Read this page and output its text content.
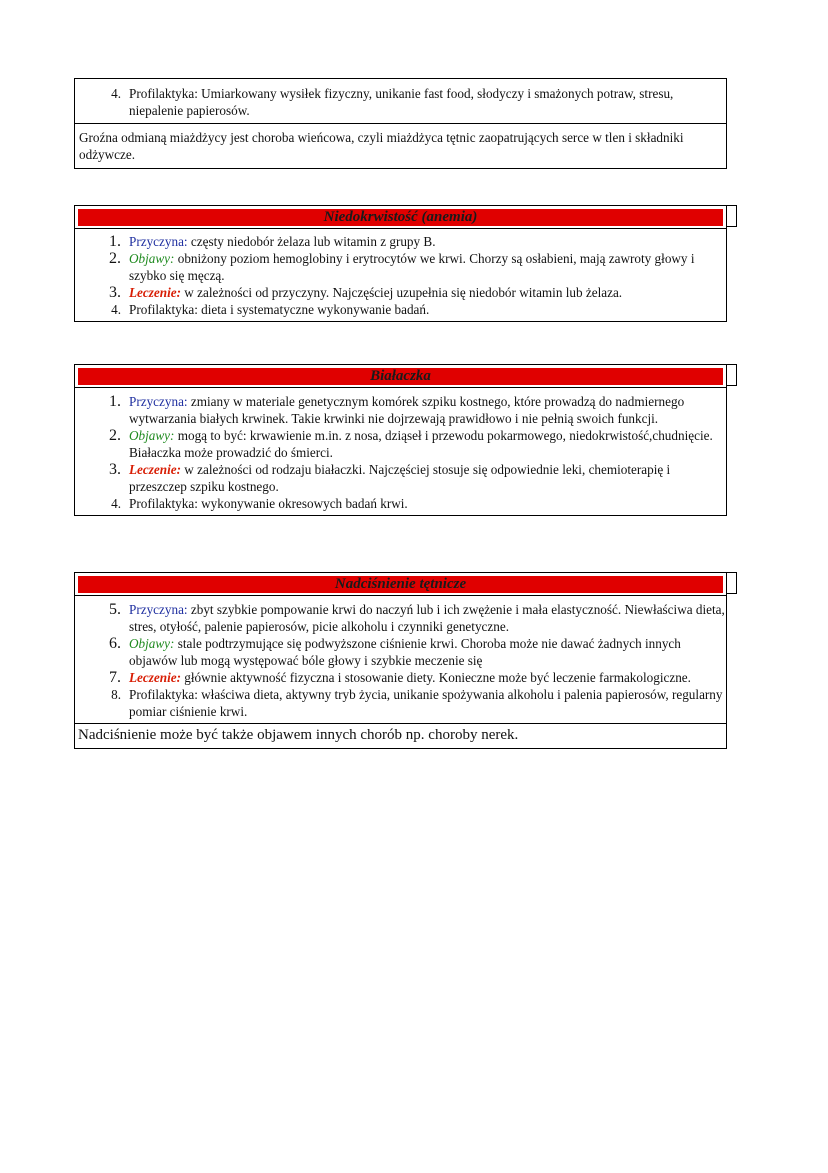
4. Profilaktyka: Umiarkowany wysiłek fizyczny, unikanie fast food, słodyczy i smażonych potraw, stresu, niepalenie papierosów.
Groźna odmianą miażdżycy jest choroba wieńcowa, czyli miażdżyca tętnic zaopatrujących serce w tlen i składniki odżywcze.
Niedokrwistość (anemia)
1. Przyczyna: częsty niedobór żelaza lub witamin z grupy B.
2. Objawy: obniżony poziom hemoglobiny i erytrocytów we krwi. Chorzy są osłabieni, mają zawroty głowy i szybko się męczą.
3. Leczenie: w zależności od przyczyny. Najczęściej uzupełnia się niedobór witamin lub żelaza.
4. Profilaktyka: dieta i systematyczne wykonywanie badań.
Białaczka
1. Przyczyna: zmiany w materiale genetycznym komórek szpiku kostnego, które prowadzą do nadmiernego wytwarzania białych krwinek. Takie krwinki nie dojrzewają prawidłowo i nie pełnią swoich funkcji.
2. Objawy: mogą to być: krwawienie m.in. z nosa, dziąseł i przewodu pokarmowego, niedokrwistość,chudnięcie. Białaczka może prowadzić do śmierci.
3. Leczenie: w zależności od rodzaju białaczki. Najczęściej stosuje się odpowiednie leki, chemioterapię i przeszczep szpiku kostnego.
4. Profilaktyka: wykonywanie okresowych badań krwi.
Nadciśnienie tętnicze
5. Przyczyna: zbyt szybkie pompowanie krwi do naczyń lub i ich zwężenie i mała elastyczność. Niewłaściwa dieta, stres, otyłość, palenie papierosów, picie alkoholu i czynniki genetyczne.
6. Objawy: stale podtrzymujące się podwyższone ciśnienie krwi. Choroba może nie dawać żadnych innych objawów lub mogą występować bóle głowy i szybkie meczenie się
7. Leczenie: głównie aktywność fizyczna i stosowanie diety. Konieczne może być leczenie farmakologiczne.
8. Profilaktyka: właściwa dieta, aktywny tryb życia, unikanie spożywania alkoholu i palenia papierosów, regularny pomiar ciśnienie krwi.
Nadciśnienie może być także objawem innych chorób np. choroby nerek.
